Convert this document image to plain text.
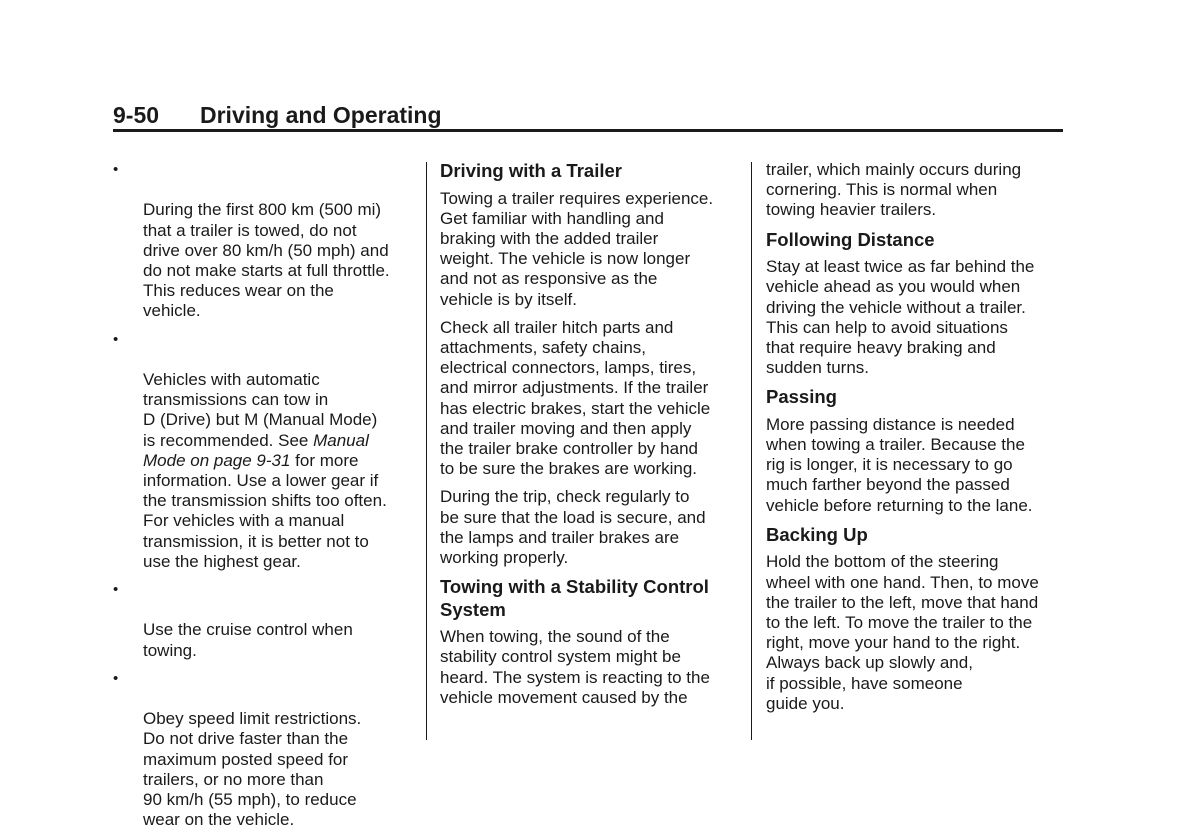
9-50 Driving and Operating

•

During the first 800 km (500 mi)
that a trailer is towed, do not
drive over 80 km/h (50 mph) and
do not make starts at full throttle.
This reduces wear on the
vehicle.

•

Vehicles with automatic
transmissions can tow in
D (Drive) but M (Manual Mode)
is recommended. See Manual
Mode on page 9‑31 for more
information. Use a lower gear if
the transmission shifts too often.
For vehicles with a manual
transmission, it is better not to
use the highest gear.

•

Use the cruise control when
towing.

•

Obey speed limit restrictions.
Do not drive faster than the
maximum posted speed for
trailers, or no more than
90 km/h (55 mph), to reduce
wear on the vehicle.

Driving with a Trailer

Towing a trailer requires experience.
Get familiar with handling and
braking with the added trailer
weight. The vehicle is now longer
and not as responsive as the
vehicle is by itself.

Check all trailer hitch parts and
attachments, safety chains,
electrical connectors, lamps, tires,
and mirror adjustments. If the trailer
has electric brakes, start the vehicle
and trailer moving and then apply
the trailer brake controller by hand
to be sure the brakes are working.

During the trip, check regularly to
be sure that the load is secure, and
the lamps and trailer brakes are
working properly.

Towing with a Stability Control
System

When towing, the sound of the
stability control system might be
heard. The system is reacting to the
vehicle movement caused by the

trailer, which mainly occurs during
cornering. This is normal when
towing heavier trailers.

Following Distance

Stay at least twice as far behind the
vehicle ahead as you would when
driving the vehicle without a trailer.
This can help to avoid situations
that require heavy braking and
sudden turns.

Passing

More passing distance is needed
when towing a trailer. Because the
rig is longer, it is necessary to go
much farther beyond the passed
vehicle before returning to the lane.

Backing Up

Hold the bottom of the steering
wheel with one hand. Then, to move
the trailer to the left, move that hand
to the left. To move the trailer to the
right, move your hand to the right.
Always back up slowly and,
if possible, have someone
guide you.
